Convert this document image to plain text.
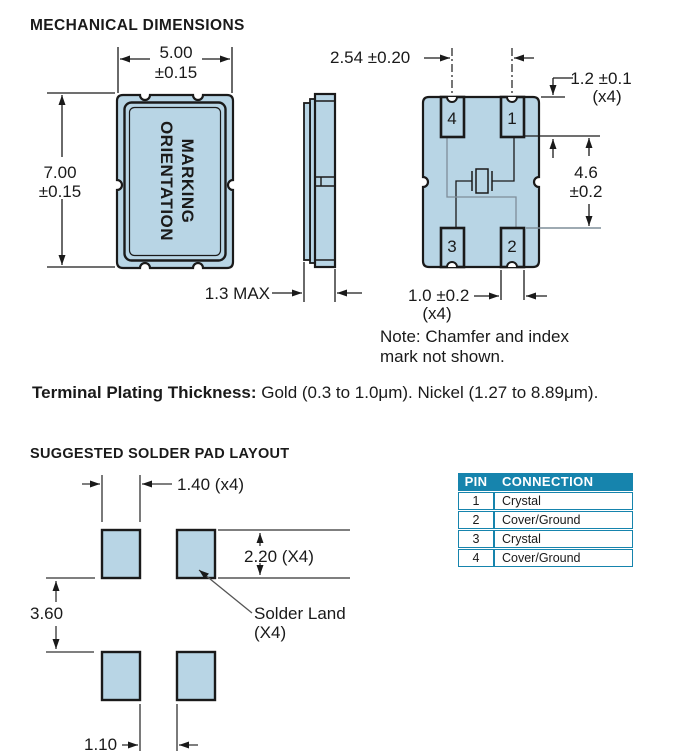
MECHANICAL DIMENSIONS
MARKING
ORIENTATION
5.00
±0.15
7.00
±0.15
1.3 MAX
4	1
3	2
2.54 ±0.20
1.2 ±0.1
(x4)
4.6
±0.2
1.0 ±0.2
(x4)
Note: Chamfer and index
mark not shown.
1.40 (x4)
2.20 (X4)
3.60
1.10
Solder Land
(X4)
Terminal Plating Thickness: Gold (0.3 to 1.0μm). Nickel (1.27 to 8.89μm).
SUGGESTED SOLDER PAD LAYOUT
PIN	CONNECTION
1	Crystal
2	Cover/Ground
3	Crystal
4	Cover/Ground
